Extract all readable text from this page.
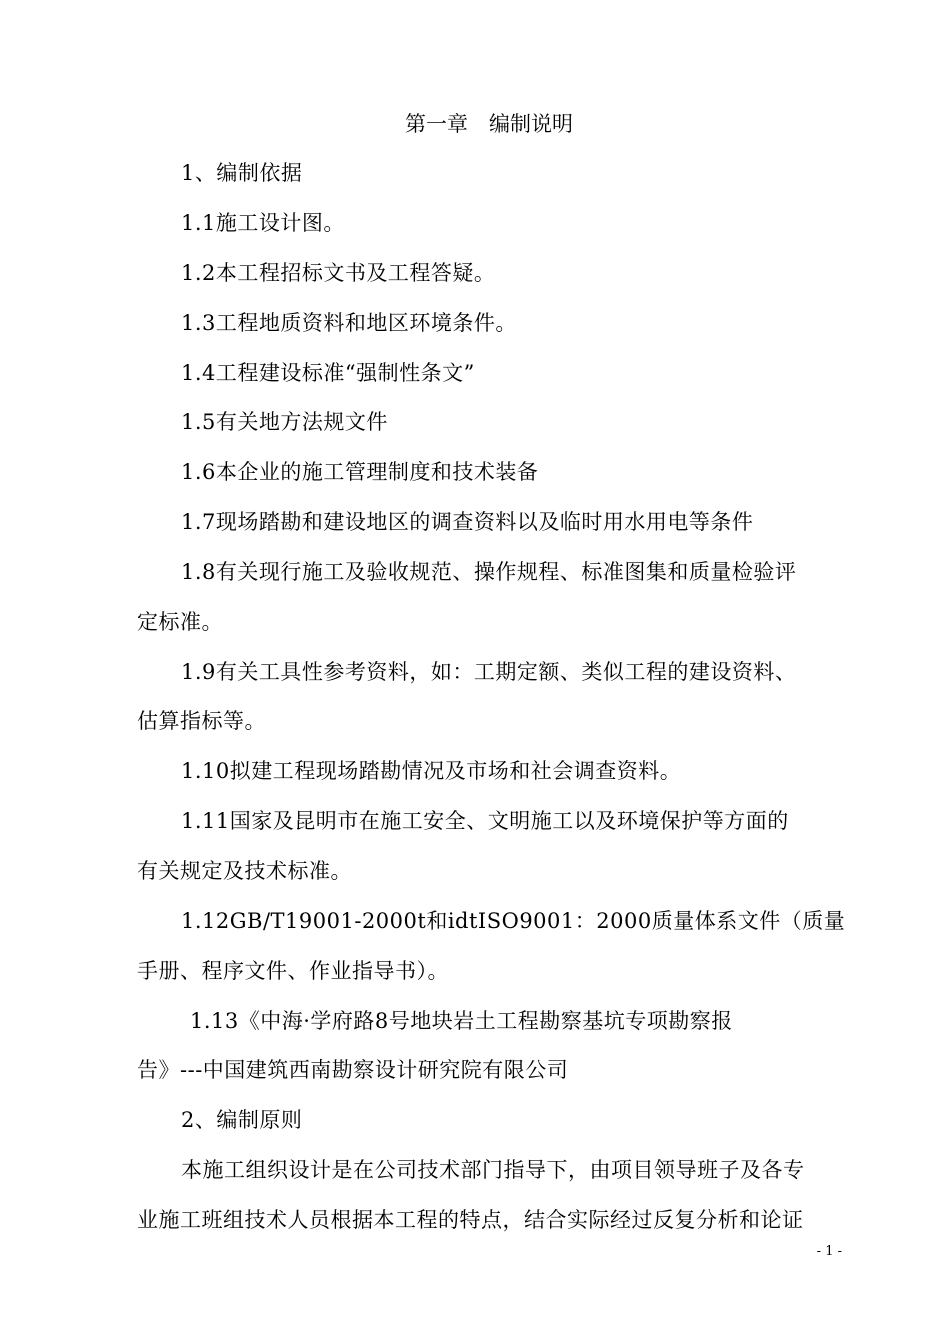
第一章　编制说明
1、编制依据
1.1施工设计图。
1.2本工程招标文书及工程答疑。
1.3工程地质资料和地区环境条件。
1.4工程建设标准“强制性条文”
1.5有关地方法规文件
1.6本企业的施工管理制度和技术装备
1.7现场踏勘和建设地区的调查资料以及临时用水用电等条件
1.8有关现行施工及验收规范、操作规程、标准图集和质量检验评
定标准。
1.9有关工具性参考资料，如：工期定额、类似工程的建设资料、
估算指标等。
1.10拟建工程现场踏勘情况及市场和社会调查资料。
1.11国家及昆明市在施工安全、文明施工以及环境保护等方面的
有关规定及技术标准。
1.12GB/T19001-2000t和idtISO9001：2000质量体系文件（质量
手册、程序文件、作业指导书）。
1.13《中海·学府路8号地块岩土工程勘察基坑专项勘察报
告》---中国建筑西南勘察设计研究院有限公司
2、编制原则
本施工组织设计是在公司技术部门指导下，由项目领导班子及各专
业施工班组技术人员根据本工程的特点，结合实际经过反复分析和论证
- 1 -
